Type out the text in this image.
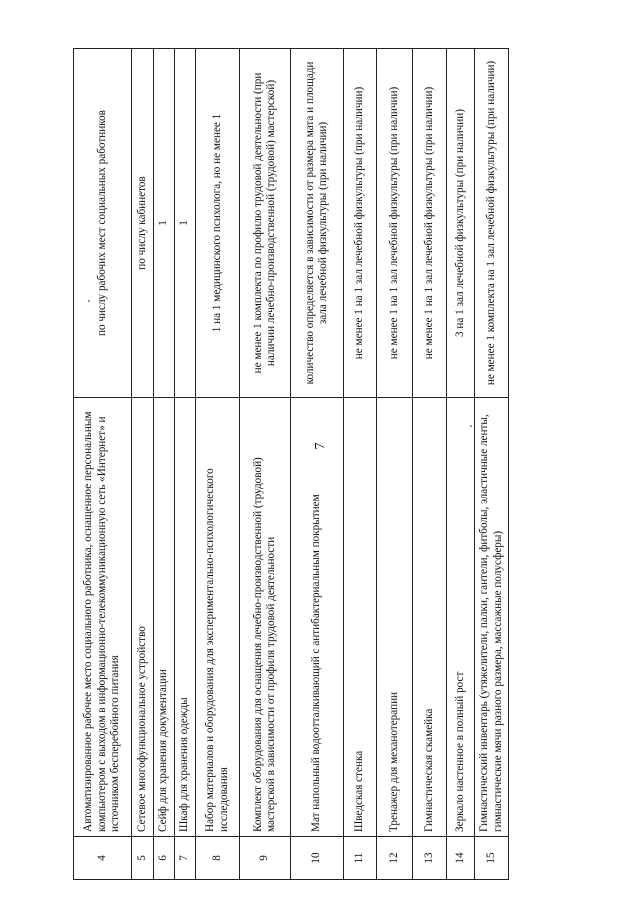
7
4	Автоматизированное рабочее место социального работника, оснащенное персональным компьютером с выходом в информационно-телекоммуникационную сеть «Интернет» и источником бесперебойного питания	по числу рабочих мест социальных работников
5	Сетевое многофункциональное устройство	по числу кабинетов
6	Сейф для хранения документации	1
7	Шкаф для хранения одежды	1
8	Набор материалов и оборудования для экспериментально-психологического исследования	1 на 1 медицинского психолога, но не менее 1
9	Комплект оборудования для оснащения лечебно-производственной (трудовой) мастерской в зависимости от профиля трудовой деятельности	не менее 1 комплекта по профилю трудовой деятельности (при наличии лечебно-производственной (трудовой) мастерской)
10	Мат напольный водоотталкивающий с антибактериальным покрытием	количество определяется в зависимости от размера мата и площади зала лечебной физкультуры (при наличии)
11	Шведская стенка	не менее 1 на 1 зал лечебной физкультуры (при наличии)
12	Тренажер для механотерапии	не менее 1 на 1 зал лечебной физкультуры (при наличии)
13	Гимнастическая скамейка	не менее 1 на 1 зал лечебной физкультуры (при наличии)
14	Зеркало настенное в полный рост	3 на 1 зал лечебной физкультуры (при наличии)
15	Гимнастический инвентарь (утяжелители, палки, гантели, фитболы, эластичные ленты, гимнастические мячи разного размера, массажные полусферы)	не менее 1 комплекта на 1 зал лечебной физкультуры (при наличии)
